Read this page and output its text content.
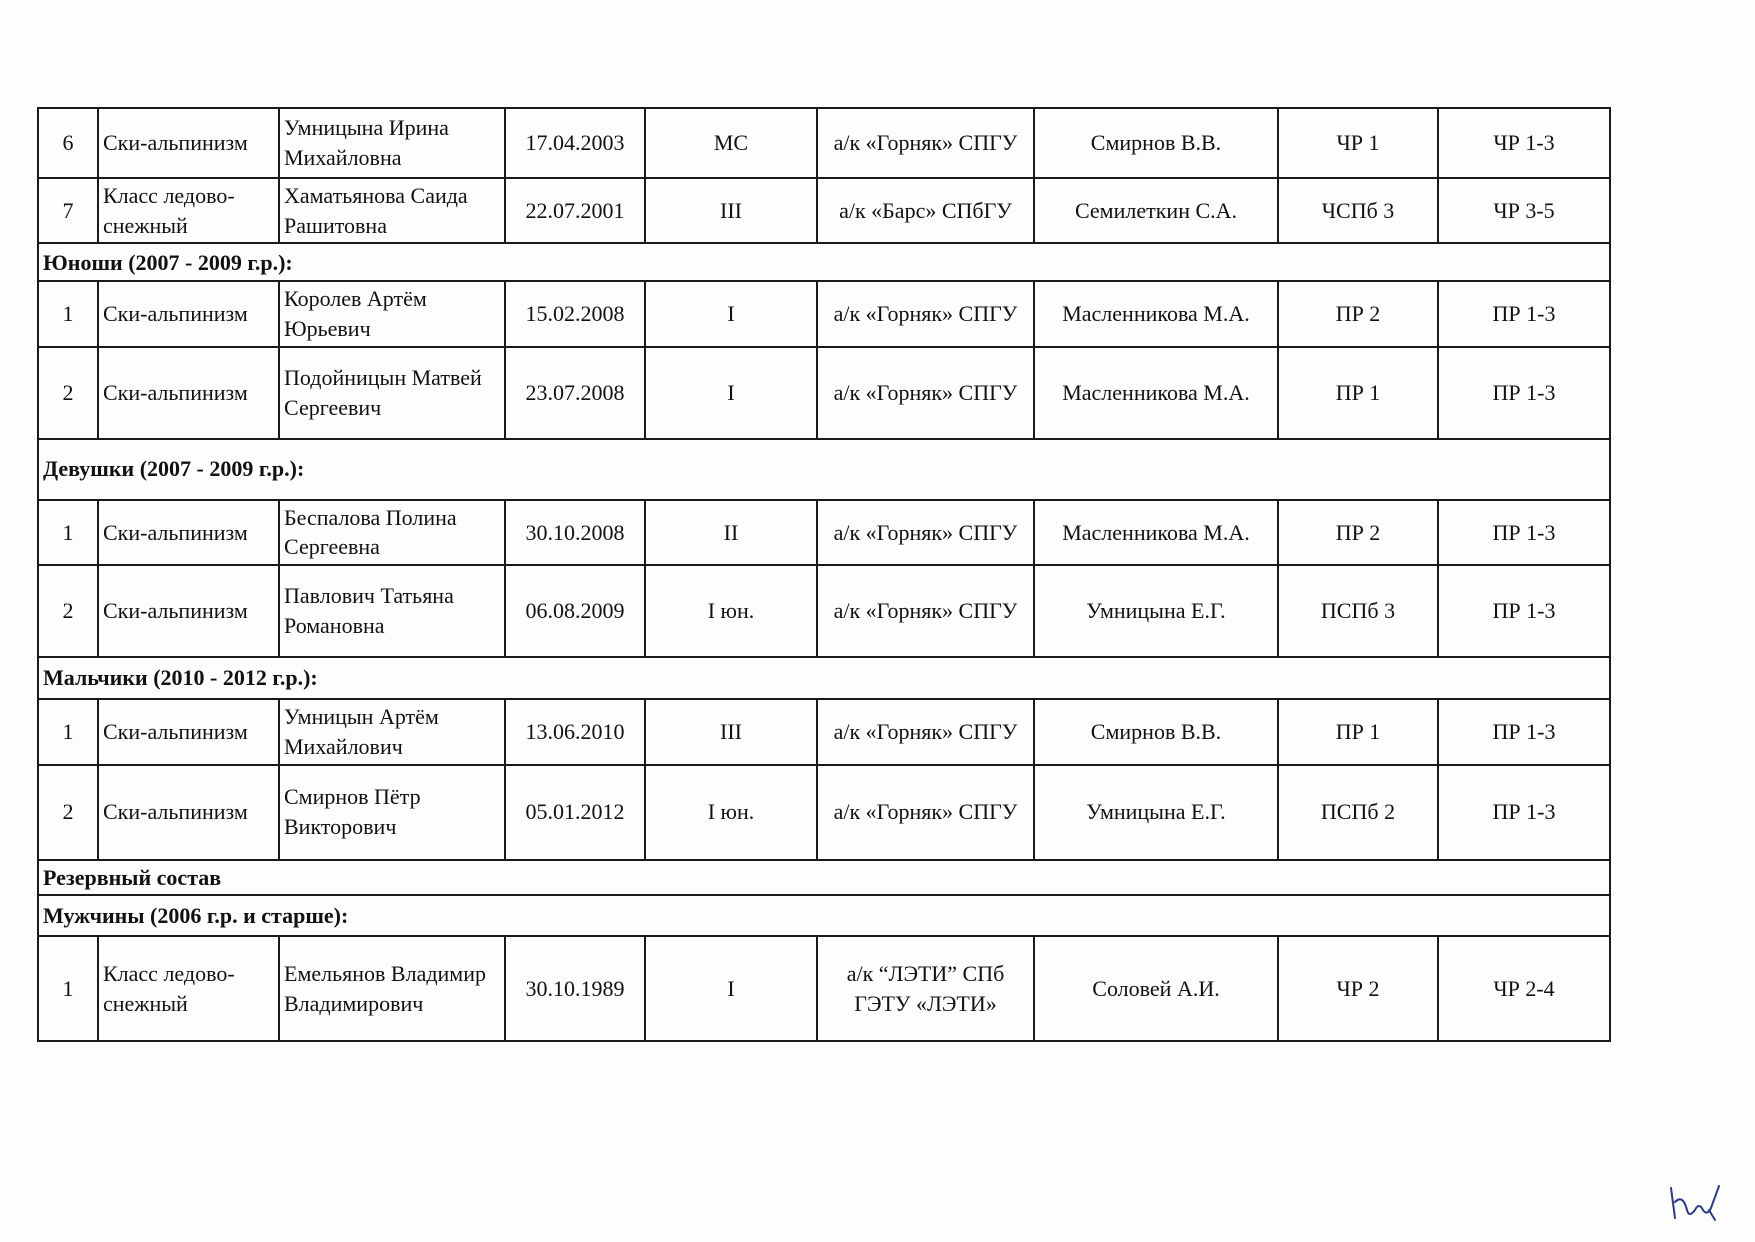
6	Ски-альпинизм	Умницына Ирина Михайловна	17.04.2003	МС	а/к «Горняк» СПГУ	Смирнов В.В.	ЧР 1	ЧР 1-3
7	Класс ледово-снежный	Хаматьянова Саида Рашитовна	22.07.2001	III	а/к «Барс» СПбГУ	Семилеткин С.А.	ЧСПб 3	ЧР 3-5
Юноши (2007 - 2009 г.р.):								
1	Ски-альпинизм	Королев Артём Юрьевич	15.02.2008	I	а/к «Горняк» СПГУ	Масленникова М.А.	ПР 2	ПР 1-3
2	Ски-альпинизм	Подойницын Матвей Сергеевич	23.07.2008	I	а/к «Горняк» СПГУ	Масленникова М.А.	ПР 1	ПР 1-3
Девушки (2007 - 2009 г.р.):								
1	Ски-альпинизм	Беспалова Полина Сергеевна	30.10.2008	II	а/к «Горняк» СПГУ	Масленникова М.А.	ПР 2	ПР 1-3
2	Ски-альпинизм	Павлович Татьяна Романовна	06.08.2009	I юн.	а/к «Горняк» СПГУ	Умницына Е.Г.	ПСПб 3	ПР 1-3
Мальчики (2010 - 2012 г.р.):								
1	Ски-альпинизм	Умницын Артём Михайлович	13.06.2010	III	а/к «Горняк» СПГУ	Смирнов В.В.	ПР 1	ПР 1-3
2	Ски-альпинизм	Смирнов Пётр Викторович	05.01.2012	I юн.	а/к «Горняк» СПГУ	Умницына Е.Г.	ПСПб 2	ПР 1-3
Резервный состав								
Мужчины (2006 г.р. и старше):								
1	Класс ледово-снежный	Емельянов Владимир Владимирович	30.10.1989	I	а/к “ЛЭТИ” СПб ГЭТУ «ЛЭТИ»	Соловей А.И.	ЧР 2	ЧР 2-4
